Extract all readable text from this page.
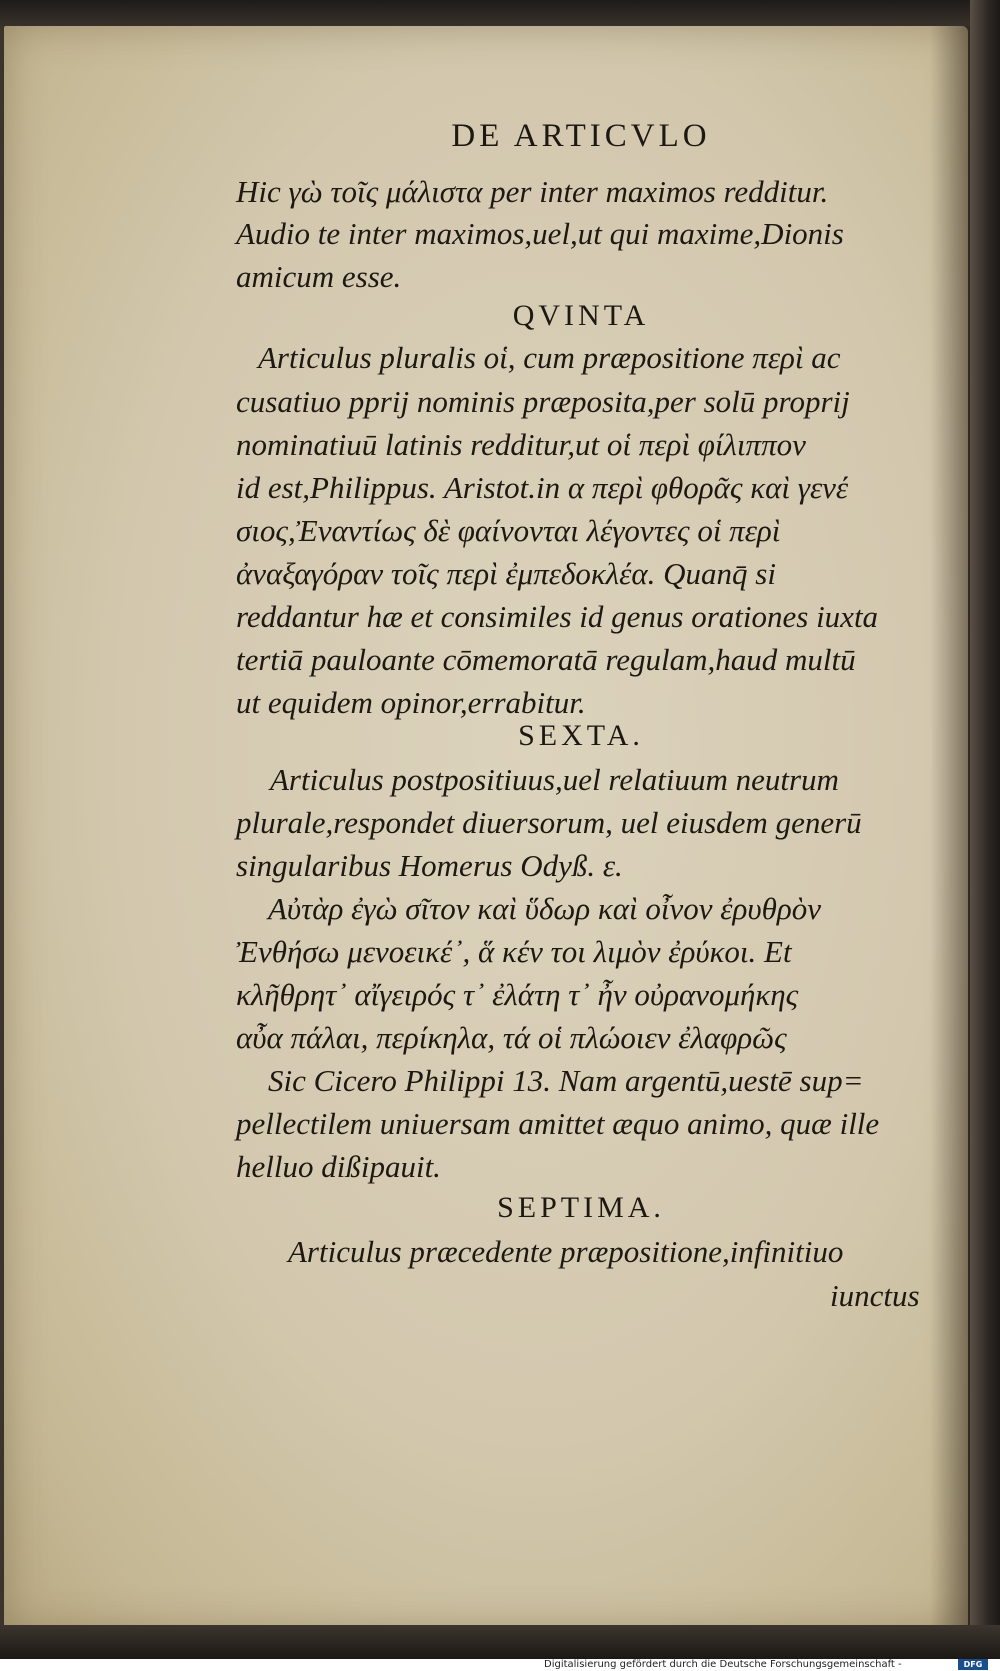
DE ARTICVLO
Hic γὼ τοῖς μάλιστα per inter maximos redditur.
Audio te inter maximos,uel,ut qui maxime,Dionis
amicum esse.
QVINTA
Articulus pluralis οἱ, cum præpositione περὶ ac
cusatiuo pprij nominis præposita,per solū proprij
nominatiuū latinis redditur,ut οἱ περὶ φίλιππον
id est,Philippus. Aristot.in α περὶ φθορᾶς καὶ γενέ
σιος,Ἐναντίως δὲ φαίνονται λέγοντες οἱ περὶ
ἀναξαγόραν τοῖς περὶ ἐμπεδοκλέα. Quanq̄ si
reddantur hæ et consimiles id genus orationes iuxta
tertiā pauloante cōmemoratā regulam,haud multū
ut equidem opinor,errabitur.
SEXTA.
Articulus postpositiuus,uel relatiuum neutrum
plurale,respondet diuersorum, uel eiusdem generū
singularibus Homerus Odyß. ε.
Αὐτὰρ ἐγὼ σῖτον καὶ ὕδωρ καὶ οἶνον ἐρυθρὸν
Ἐνθήσω μενοεικέ᾽, ἅ κέν τοι λιμὸν ἐρύκοι. Et
κλῆθρητ᾽ αἴγειρός τ᾽ ἐλάτη τ᾽ ἦν οὐρανομήκης
αὖα πάλαι, περίκηλα, τά οἱ πλώοιεν ἐλαφρῶς
Sic Cicero Philippi 13. Nam argentū,uestē sup=
pellectilem uniuersam amittet æquo animo, quæ ille
helluo dißipauit.
SEPTIMA.
Articulus præcedente præpositione,infinitiuo
iunctus
Digitalisierung gefördert durch die Deutsche Forschungsgemeinschaft -	DFG
